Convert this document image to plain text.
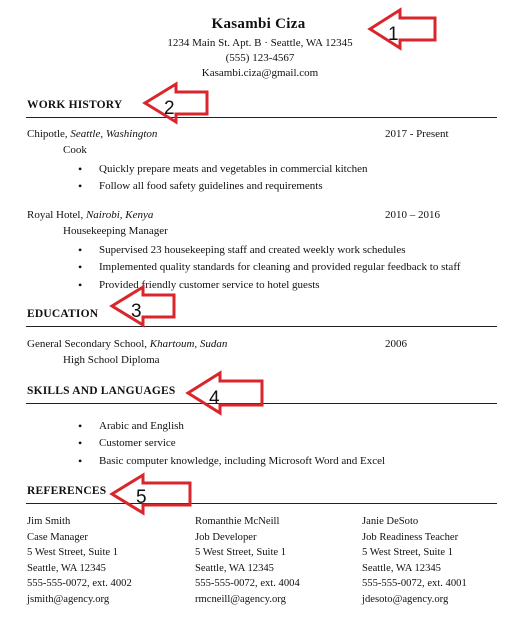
Kasambi Ciza
1234 Main St. Apt. B · Seattle, WA 12345
(555) 123-4567
Kasambi.ciza@gmail.com
WORK HISTORY
Chipotle, Seattle, Washington	2017 - Present
Cook
• Quickly prepare meats and vegetables in commercial kitchen
• Follow all food safety guidelines and requirements
Royal Hotel, Nairobi, Kenya	2010 – 2016
Housekeeping Manager
• Supervised 23 housekeeping staff and created weekly work schedules
• Implemented quality standards for cleaning and provided regular feedback to staff
• Provided friendly customer service to hotel guests
EDUCATION
General Secondary School, Khartoum, Sudan	2006
High School Diploma
SKILLS AND LANGUAGES
• Arabic and English
• Customer service
• Basic computer knowledge, including Microsoft Word and Excel
REFERENCES
Jim Smith
Case Manager
5 West Street, Suite 1
Seattle, WA 12345
555-555-0072, ext. 4002
jsmith@agency.org
Romanthie McNeill
Job Developer
5 West Street, Suite 1
Seattle, WA 12345
555-555-0072, ext. 4004
rmcneill@agency.org
Janie DeSoto
Job Readiness Teacher
5 West Street, Suite 1
Seattle, WA 12345
555-555-0072, ext. 4001
jdesoto@agency.org
1
2
3
4
5
